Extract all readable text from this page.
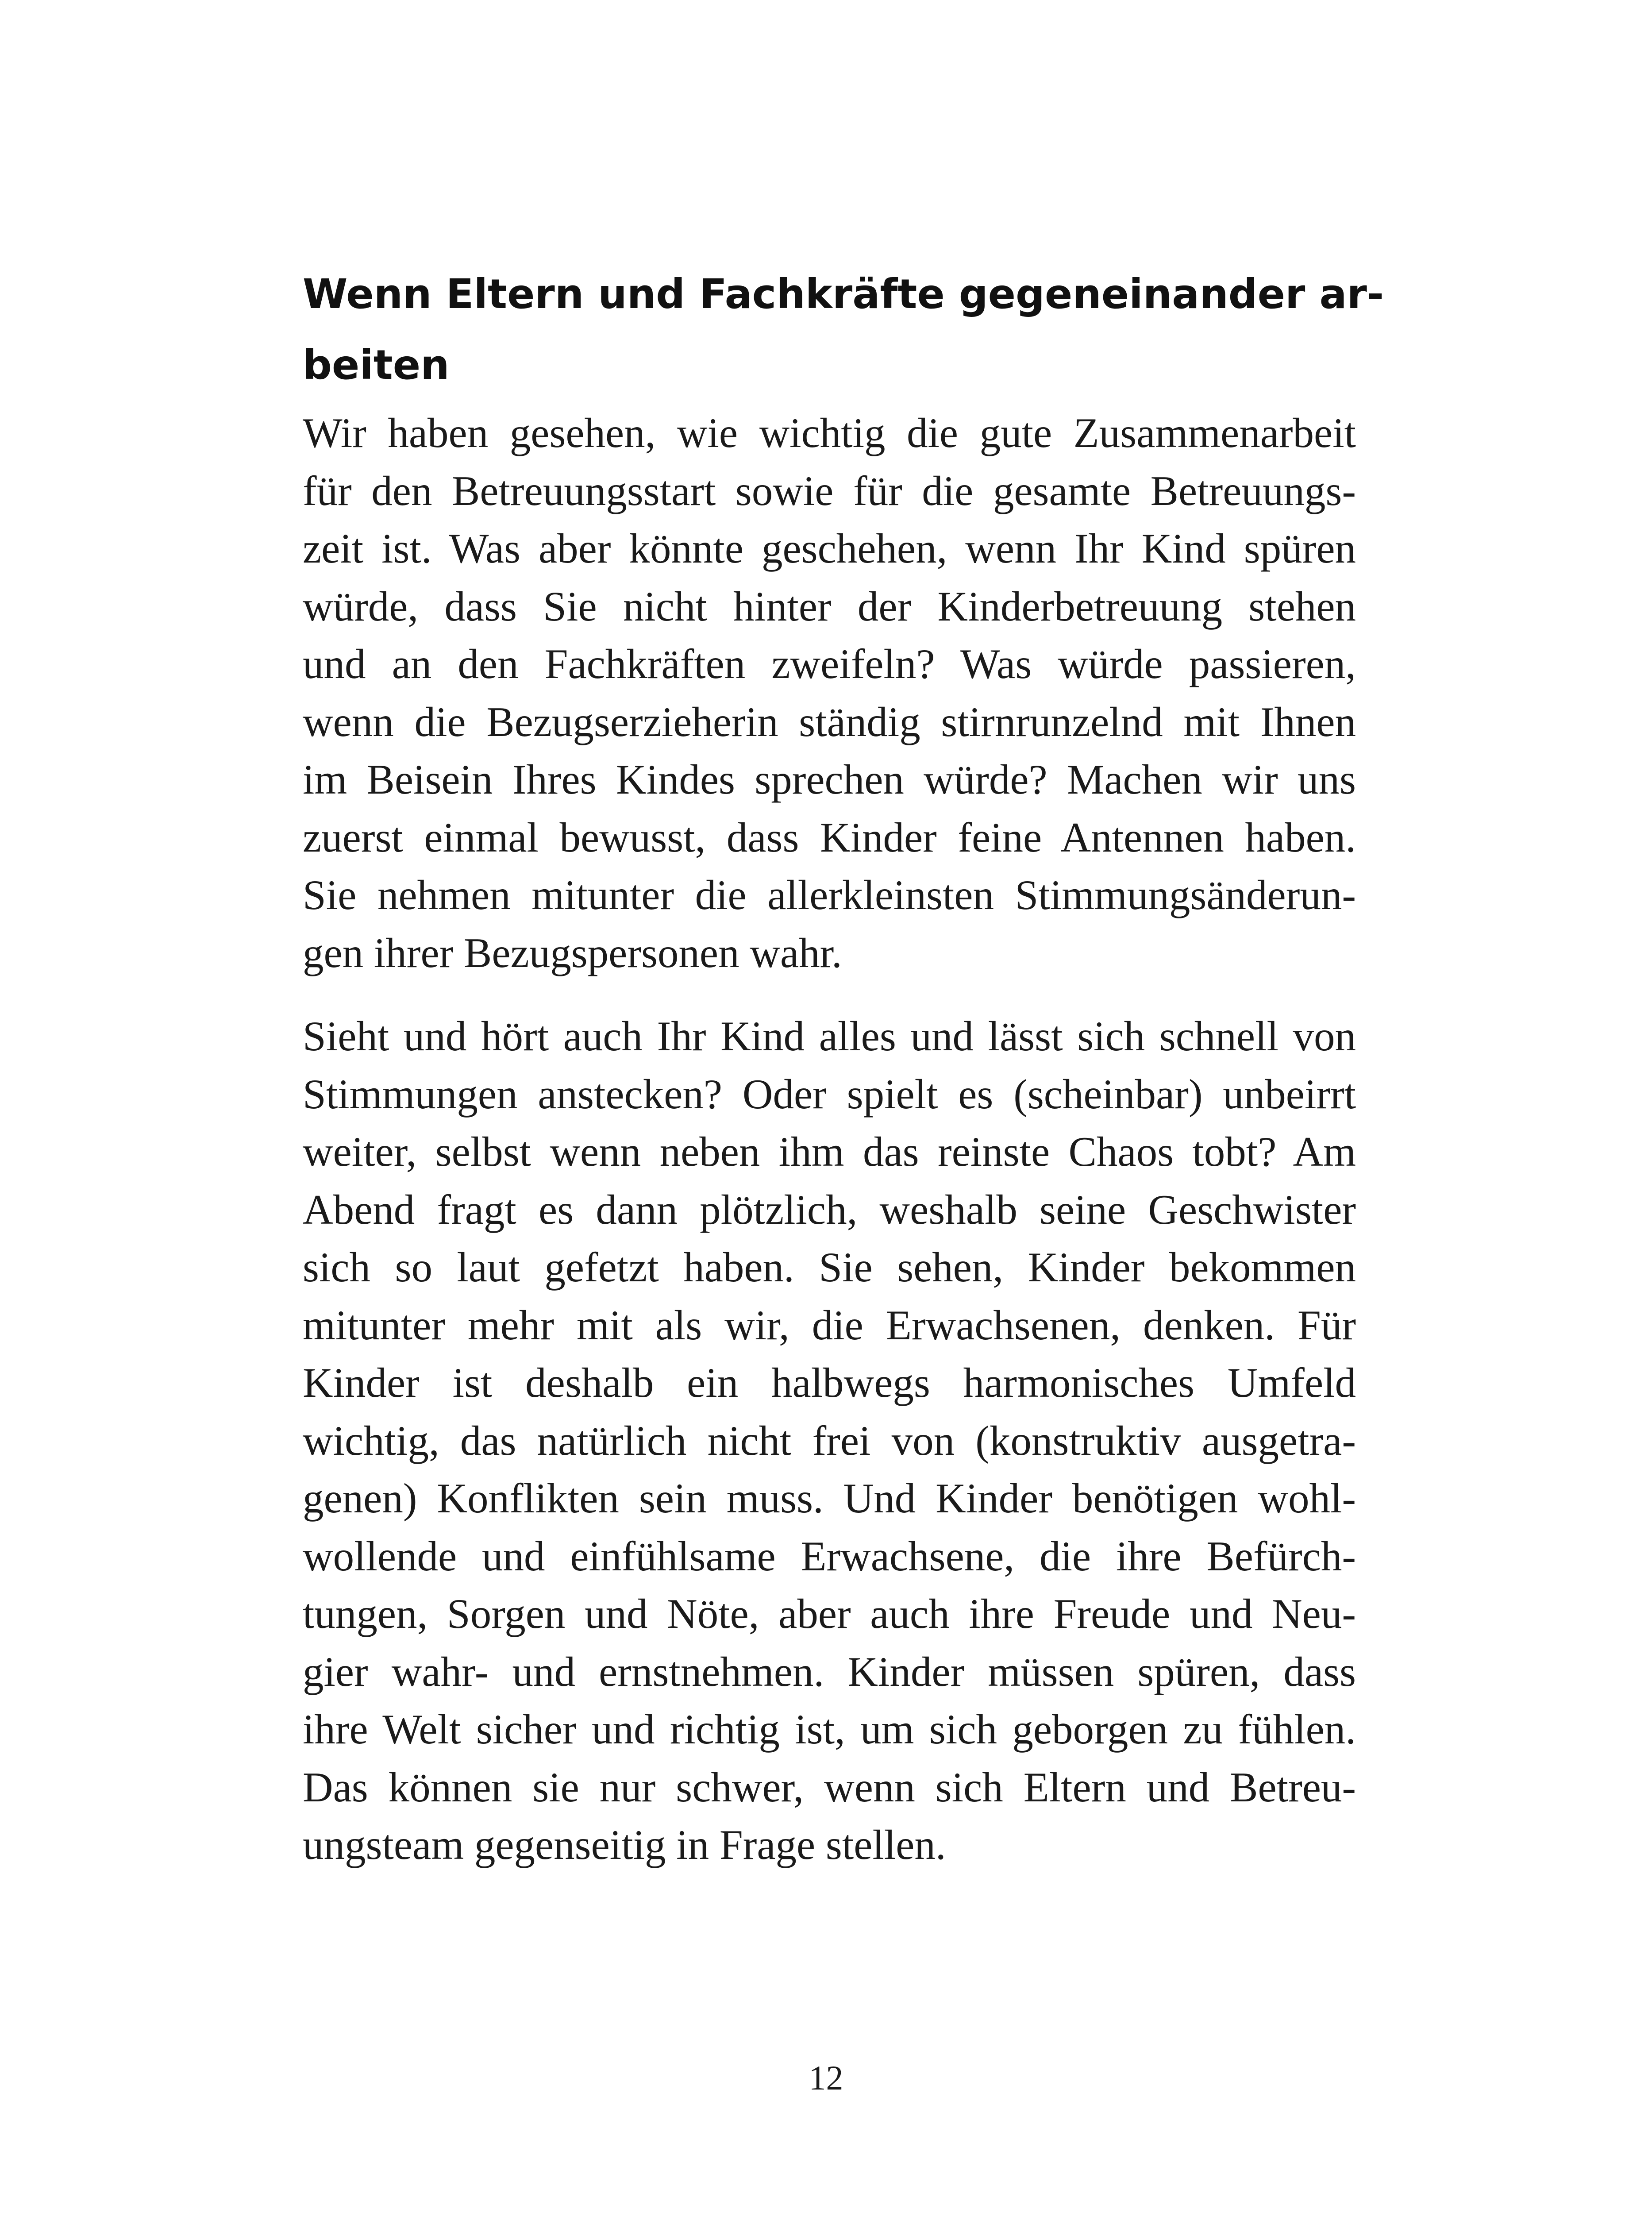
Wenn Eltern und Fachkräfte gegeneinander ar-
beiten

Wir haben gesehen, wie wichtig die gute Zusammenarbeit
für den Betreuungsstart sowie für die gesamte Betreuungs-
zeit ist. Was aber könnte geschehen, wenn Ihr Kind spüren
würde, dass Sie nicht hinter der Kinderbetreuung stehen
und an den Fachkräften zweifeln? Was würde passieren,
wenn die Bezugserzieherin ständig stirnrunzelnd mit Ihnen
im Beisein Ihres Kindes sprechen würde? Machen wir uns
zuerst einmal bewusst, dass Kinder feine Antennen haben.
Sie nehmen mitunter die allerkleinsten Stimmungsänderun-
gen ihrer Bezugspersonen wahr.

Sieht und hört auch Ihr Kind alles und lässt sich schnell von
Stimmungen anstecken? Oder spielt es (scheinbar) unbeirrt
weiter, selbst wenn neben ihm das reinste Chaos tobt? Am
Abend fragt es dann plötzlich, weshalb seine Geschwister
sich so laut gefetzt haben. Sie sehen, Kinder bekommen
mitunter mehr mit als wir, die Erwachsenen, denken. Für
Kinder ist deshalb ein halbwegs harmonisches Umfeld
wichtig, das natürlich nicht frei von (konstruktiv ausgetra-
genen) Konflikten sein muss. Und Kinder benötigen wohl-
wollende und einfühlsame Erwachsene, die ihre Befürch-
tungen, Sorgen und Nöte, aber auch ihre Freude und Neu-
gier wahr- und ernstnehmen. Kinder müssen spüren, dass
ihre Welt sicher und richtig ist, um sich geborgen zu fühlen.
Das können sie nur schwer, wenn sich Eltern und Betreu-
ungsteam gegenseitig in Frage stellen.

12
